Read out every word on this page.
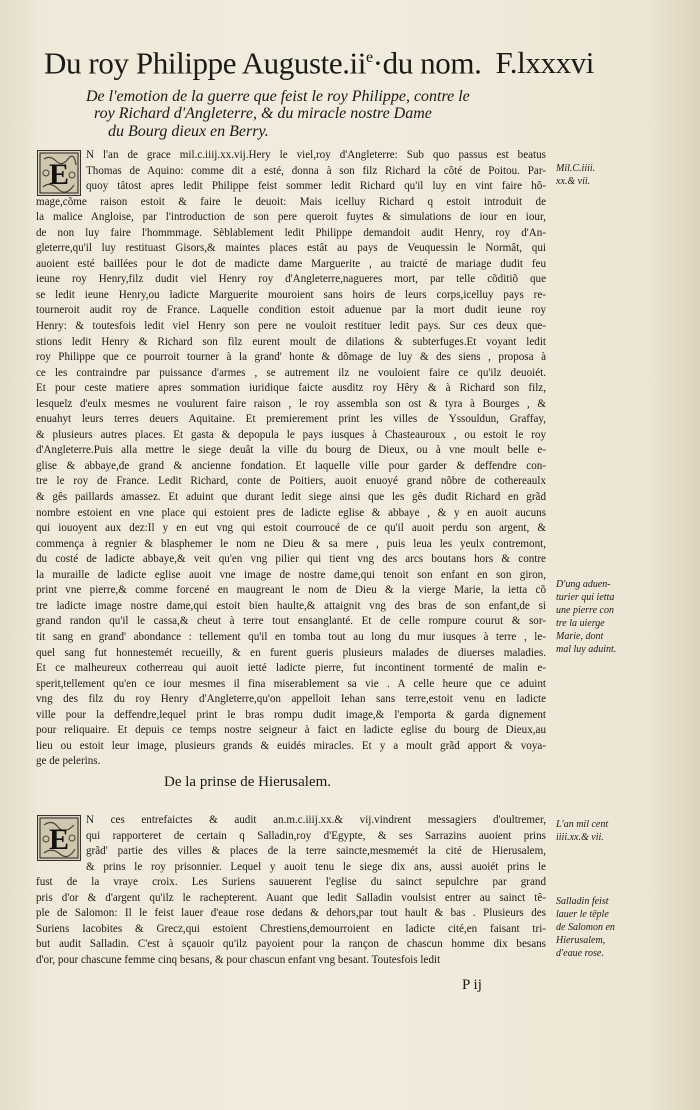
Du roy Philippe $Auguste.ii^e\cdot du$ nom. F.lxxxvi
De l'emotion de la guerre que feist le roy Philippe, contre le
roy Richard d'Angleterre, & du miracle nostre Dame
du Bourg dieux en Berry.
E
N l'an de grace mil.c.iiij.xx.vij.Hery le viel,roy d'Angleterre: Sub quo passus est beatus
Thomas de Aquino: comme dit a esté, donna à son filz Richard la côté de Poitou. Par-
quoy tâtost apres ledit Philippe feist sommer ledit Richard qu'il luy en vint faire hô-
mage,cõme raison estoit & faire le deuoit: Mais icelluy Richard q estoit introduit de
la malice Angloise, par l'introduction de son pere queroit fuytes & simulations de iour en iour,
de non luy faire l'hommmage. Sèblablement ledit Philippe demandoit audit Henry, roy d'An-
gleterre,qu'il luy restituast Gisors,& maintes places estât au pays de Veuquessin le Normât, qui
auoient esté baillées pour le dot de madicte dame Marguerite , au traicté de mariage dudit feu
ieune roy Henry,filz dudit viel Henry roy d'Angleterre,nagueres mort, par telle cõditiõ que
se ledit ieune Henry,ou ladicte Marguerite mouroient sans hoirs de leurs corps,icelluy pays re-
tourneroit audit roy de France. Laquelle condition estoit aduenue par la mort dudit ieune roy
Henry: & toutesfois ledit viel Henry son pere ne vouloit restituer ledit pays. Sur ces deux que-
stions ledit Henry & Richard son filz eurent moult de dilations & subterfuges.Et voyant ledit
roy Philippe que ce pourroit tourner à la grand' honte & dõmage de luy & des siens , proposa à
ce les contraindre par puissance d'armes , se autrement ilz ne vouloient faire ce qu'ilz deuoiét.
Et pour ceste matiere apres sommation iuridique faicte ausditz roy Hêry & à Richard son filz,
lesquelz d'eulx mesmes ne voulurent faire raison , le roy assembla son ost & tyra à Bourges , &
enuahyt leurs terres deuers Aquitaine. Et premierement print les villes de Yssouldun, Graffay,
& plusieurs autres places. Et gasta & depopula le pays iusques à Chasteauroux , ou estoit le roy
d'Angleterre.Puis alla mettre le siege deuât la ville du bourg de Dieux, ou à vne moult belle e-
glise & abbaye,de grand & ancienne fondation. Et laquelle ville pour garder & deffendre con-
tre le roy de France. Ledit Richard, conte de Poitiers, auoit enuoyé grand nõbre de cothereaulx
& gês paillards amassez. Et aduint que durant ledit siege ainsi que les gês dudit Richard en grãd
nombre estoient en vne place qui estoient pres de ladicte eglise & abbaye , & y en auoit aucuns
qui iouoyent aux dez:Il y en eut vng qui estoit courroucé de ce qu'il auoit perdu son argent, &
commença à regnier & blasphemer le nom ne Dieu & sa mere , puis leua les yeulx contremont,
du costé de ladicte abbaye,& veit qu'en vng pilier qui tient vng des arcs boutans hors & contre
la muraille de ladicte eglise auoit vne image de nostre dame,qui tenoit son enfant en son giron,
print vne pierre,& comme forcené en maugreant le nom de Dieu & la vierge Marie, la ietta cõ
tre ladicte image nostre dame,qui estoit bien haulte,& attaignit vng des bras de son enfant,de si
grand randon qu'il le cassa,& cheut à terre tout ensanglanté. Et de celle rompure courut & sor-
tit sang en grand' abondance : tellement qu'il en tomba tout au long du mur iusques à terre , le-
quel sang fut honnestemét recueilly, & en furent gueris plusieurs malades de diuerses maladies.
Et ce malheureux cotherreau qui auoit ietté ladicte pierre, fut incontinent tormenté de malin e-
sperit,tellement qu'en ce iour mesmes il fina miserablement sa vie . A celle heure que ce aduint
vng des filz du roy Henry d'Angleterre,qu'on appelloit Iehan sans terre,estoit venu en ladicte
ville pour la deffendre,lequel print le bras rompu dudit image,& l'emporta & garda dignement
pour reliquaire. Et depuis ce temps nostre seigneur à faict en ladicte eglise du bourg de Dieux,au
lieu ou estoit leur image, plusieurs grands & euidés miracles. Et y a moult grãd apport & voya-
ge de pelerins.
De la prinse de Hierusalem.
E
N ces entrefaictes & audit an.m.c.iiij.xx.& vij.vindrent messagiers d'oultremer,
qui rapporteret de certain q Salladin,roy d'Egypte, & ses Sarrazins auoient prins
grãd' partie des villes & places de la terre saincte,mesmemét la cité de Hierusalem,
& prins le roy prisonnier. Lequel y auoit tenu le siege dix ans, aussi auoiét prins le
fust de la vraye croix. Les Suriens sauuerent l'eglise du sainct sepulchre par grand
pris d'or & d'argent qu'ilz le rachepterent. Auant que ledit Salladin voulsist entrer au sainct tê-
ple de Salomon: Il le feist lauer d'eaue rose dedans & dehors,par tout hault & bas . Plusieurs des
Suriens Iacobites & Grecz,qui estoient Chrestiens,demourroient en ladicte cité,en faisant tri-
but audit Salladin. C'est à sçauoir qu'ilz payoient pour la rançon de chascun homme dix besans
d'or, pour chascune femme cinq besans, & pour chascun enfant vng besant. Toutesfois ledit
Mil.C.iiii.
xx.& vii.
D'ung aduen-
turier qui ietta
une pierre con
tre la uierge
Marie, dont
mal luy aduint.
L'an mil cent
iiii.xx.& vii.
Salladin feist
lauer le tēple
de Salomon en
Hierusalem,
d'eaue rose.
P ij
